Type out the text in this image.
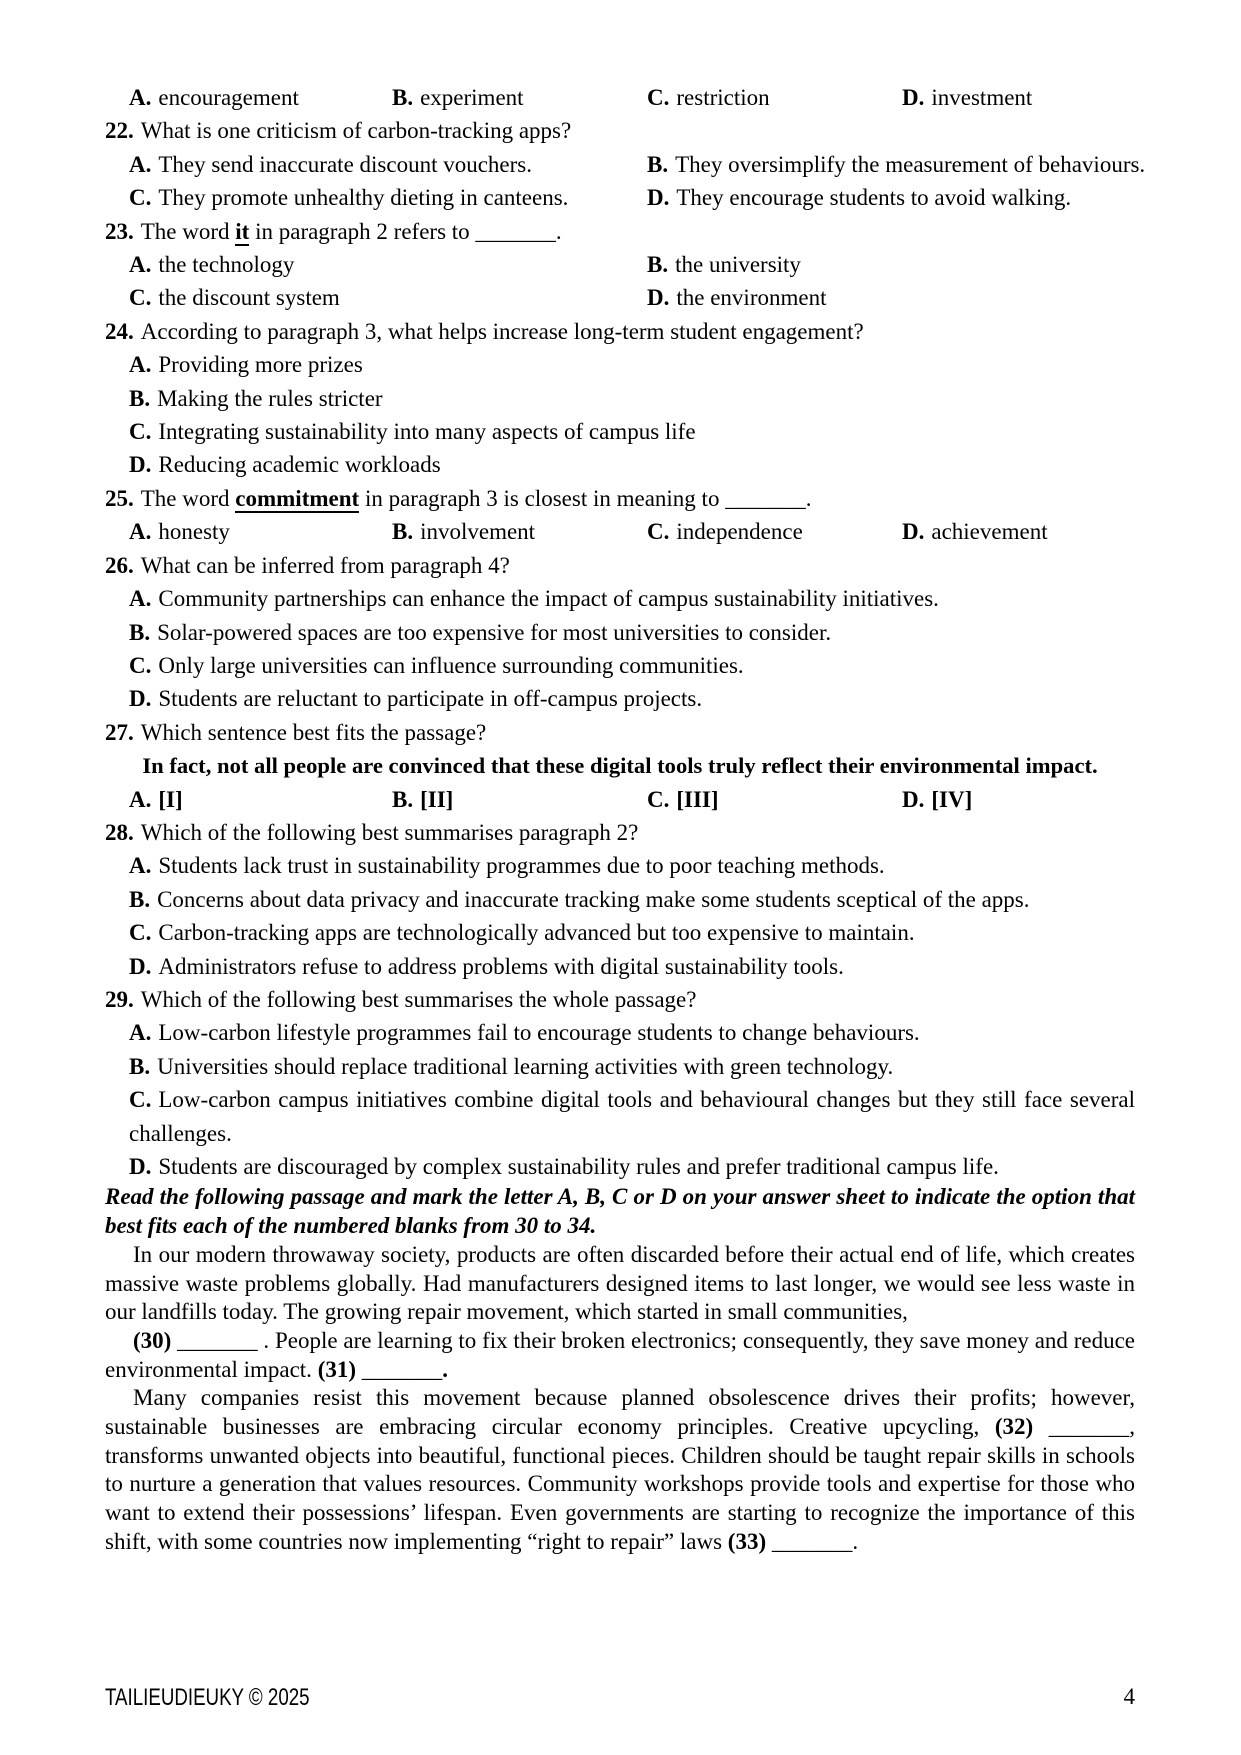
A. encouragement	B. experiment	C. restriction	D. investment
22. What is one criticism of carbon-tracking apps?
A. They send inaccurate discount vouchers.	B. They oversimplify the measurement of behaviours.
C. They promote unhealthy dieting in canteens.	D. They encourage students to avoid walking.
23. The word it in paragraph 2 refers to _______.
A. the technology	B. the university
C. the discount system	D. the environment
24. According to paragraph 3, what helps increase long-term student engagement?
A. Providing more prizes
B. Making the rules stricter
C. Integrating sustainability into many aspects of campus life
D. Reducing academic workloads
25. The word commitment in paragraph 3 is closest in meaning to _______.
A. honesty	B. involvement	C. independence	D. achievement
26. What can be inferred from paragraph 4?
A. Community partnerships can enhance the impact of campus sustainability initiatives.
B. Solar-powered spaces are too expensive for most universities to consider.
C. Only large universities can influence surrounding communities.
D. Students are reluctant to participate in off-campus projects.
27. Which sentence best fits the passage?
In fact, not all people are convinced that these digital tools truly reflect their environmental impact.
A. [I]	B. [II]	C. [III]	D. [IV]
28. Which of the following best summarises paragraph 2?
A. Students lack trust in sustainability programmes due to poor teaching methods.
B. Concerns about data privacy and inaccurate tracking make some students sceptical of the apps.
C. Carbon-tracking apps are technologically advanced but too expensive to maintain.
D. Administrators refuse to address problems with digital sustainability tools.
29. Which of the following best summarises the whole passage?
A. Low-carbon lifestyle programmes fail to encourage students to change behaviours.
B. Universities should replace traditional learning activities with green technology.
C. Low-carbon campus initiatives combine digital tools and behavioural changes but they still face several challenges.
D. Students are discouraged by complex sustainability rules and prefer traditional campus life.
Read the following passage and mark the letter A, B, C or D on your answer sheet to indicate the option that best fits each of the numbered blanks from 30 to 34.
In our modern throwaway society, products are often discarded before their actual end of life, which creates massive waste problems globally. Had manufacturers designed items to last longer, we would see less waste in our landfills today. The growing repair movement, which started in small communities,
(30) _______ . People are learning to fix their broken electronics; consequently, they save money and reduce environmental impact. (31) _______.
Many companies resist this movement because planned obsolescence drives their profits; however, sustainable businesses are embracing circular economy principles. Creative upcycling, (32) _______, transforms unwanted objects into beautiful, functional pieces. Children should be taught repair skills in schools to nurture a generation that values resources. Community workshops provide tools and expertise for those who want to extend their possessions’ lifespan. Even governments are starting to recognize the importance of this shift, with some countries now implementing “right to repair” laws (33) _______.
TAILIEUDIEUKY © 2025	4
